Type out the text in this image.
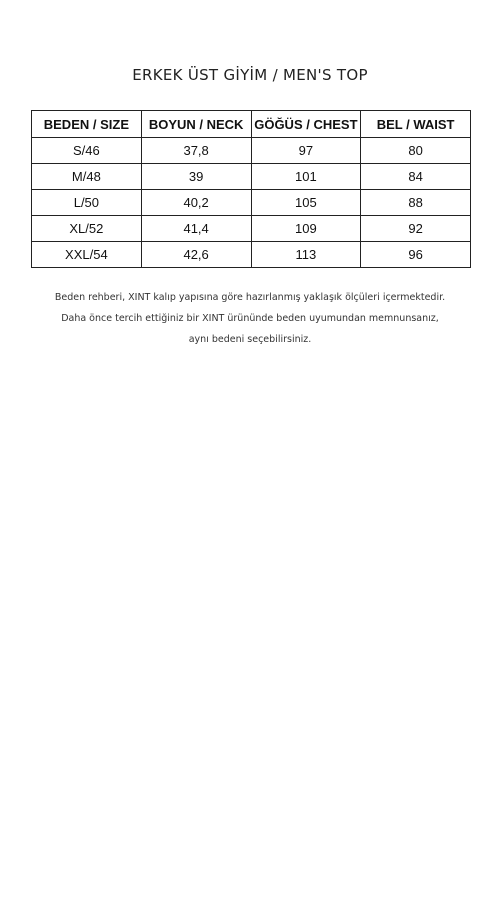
ERKEK ÜST GİYİM / MEN'S TOP
BEDEN / SIZE	BOYUN / NECK	GÖĞÜS / CHEST	BEL / WAIST
S/46	37,8	97	80
M/48	39	101	84
L/50	40,2	105	88
XL/52	41,4	109	92
XXL/54	42,6	113	96

Beden rehberi, XINT kalıp yapısına göre hazırlanmış yaklaşık ölçüleri içermektedir.

Daha önce tercih ettiğiniz bir XINT ürününde beden uyumundan memnunsanız,

aynı bedeni seçebilirsiniz.
